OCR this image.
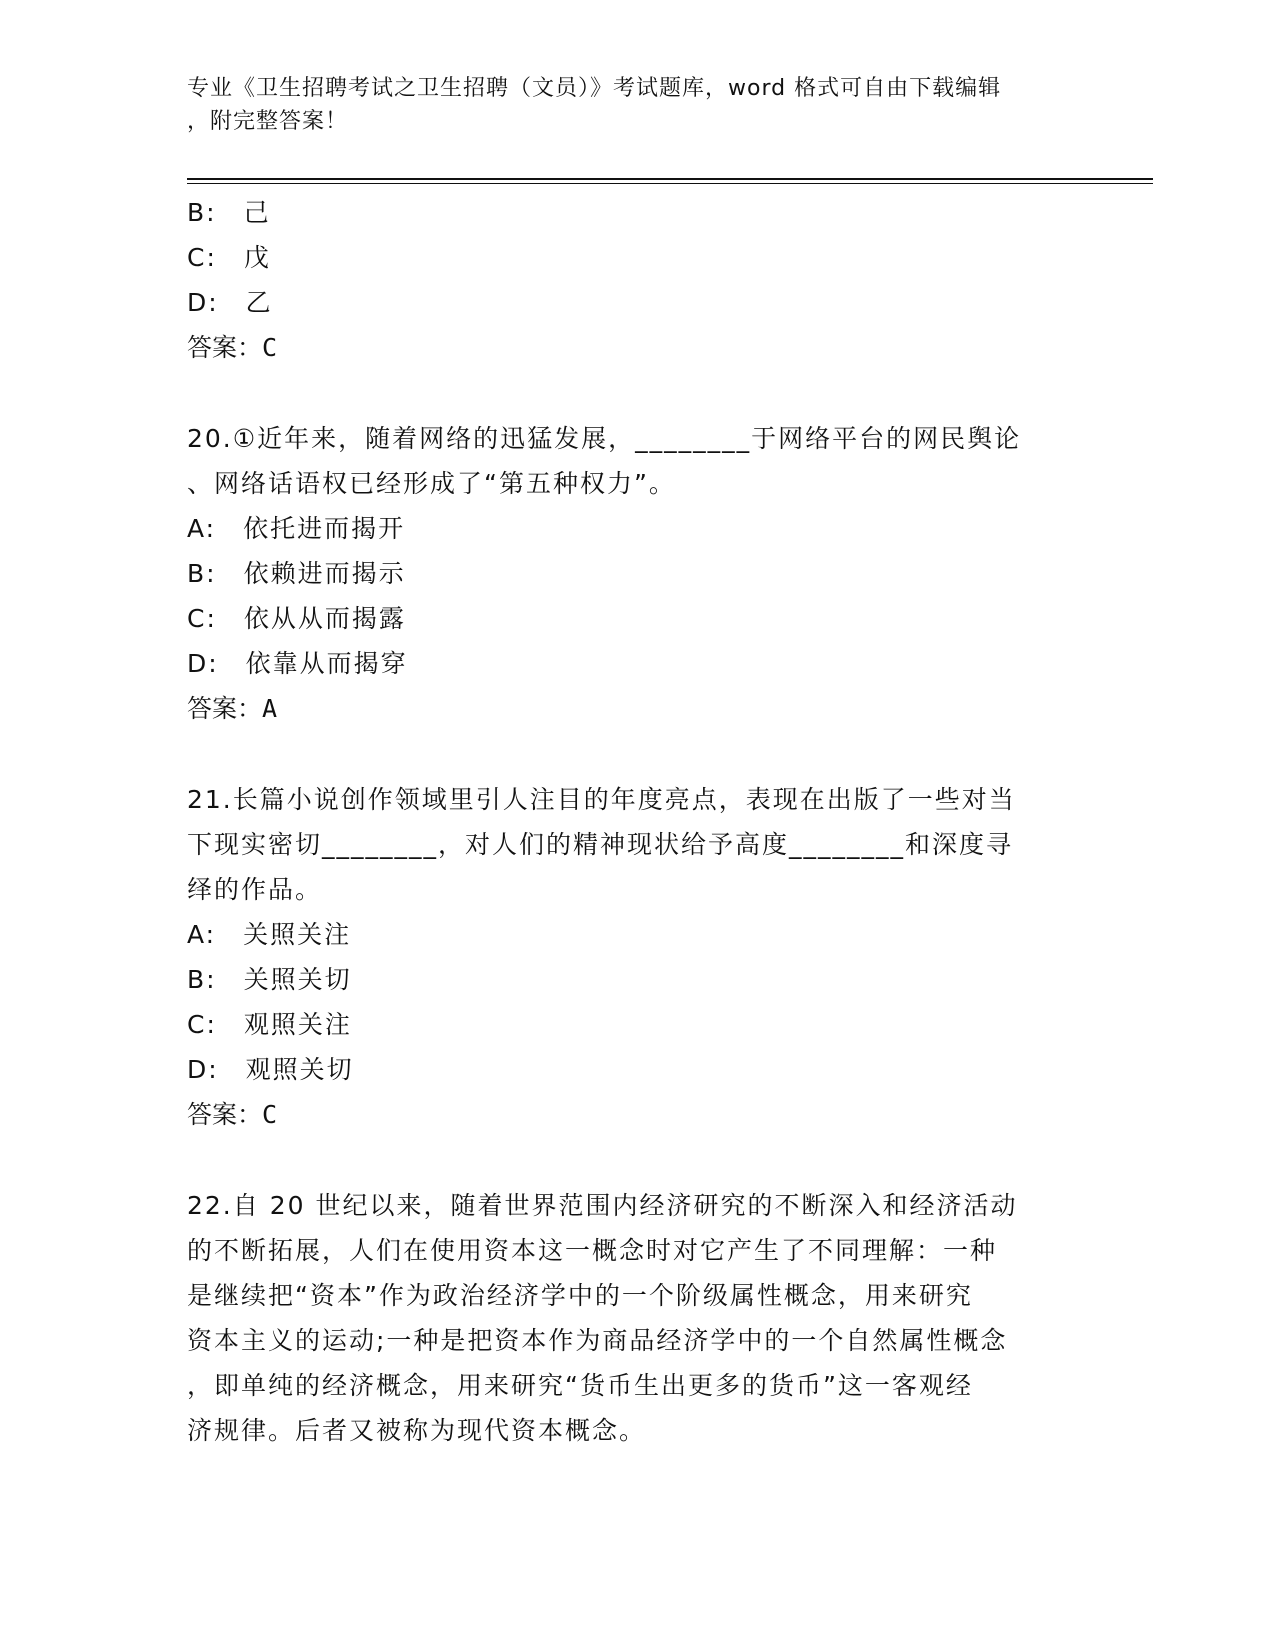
专业《卫生招聘考试之卫生招聘（文员）》考试题库，word 格式可自由下载编辑
，附完整答案！
B:　己
C:　戊
D:　乙
答案：C
20.①近年来，随着网络的迅猛发展，________于网络平台的网民舆论
、网络话语权已经形成了“第五种权力”。
A:　依托进而揭开
B:　依赖进而揭示
C:　依从从而揭露
D:　依靠从而揭穿
答案：A
21.长篇小说创作领域里引人注目的年度亮点，表现在出版了一些对当
下现实密切________，对人们的精神现状给予高度________和深度寻
绎的作品。
A:　关照关注
B:　关照关切
C:　观照关注
D:　观照关切
答案：C
22.自 20 世纪以来，随着世界范围内经济研究的不断深入和经济活动
的不断拓展，人们在使用资本这一概念时对它产生了不同理解：一种
是继续把“资本”作为政治经济学中的一个阶级属性概念，用来研究
资本主义的运动;一种是把资本作为商品经济学中的一个自然属性概念
，即单纯的经济概念，用来研究“货币生出更多的货币”这一客观经
济规律。后者又被称为现代资本概念。
